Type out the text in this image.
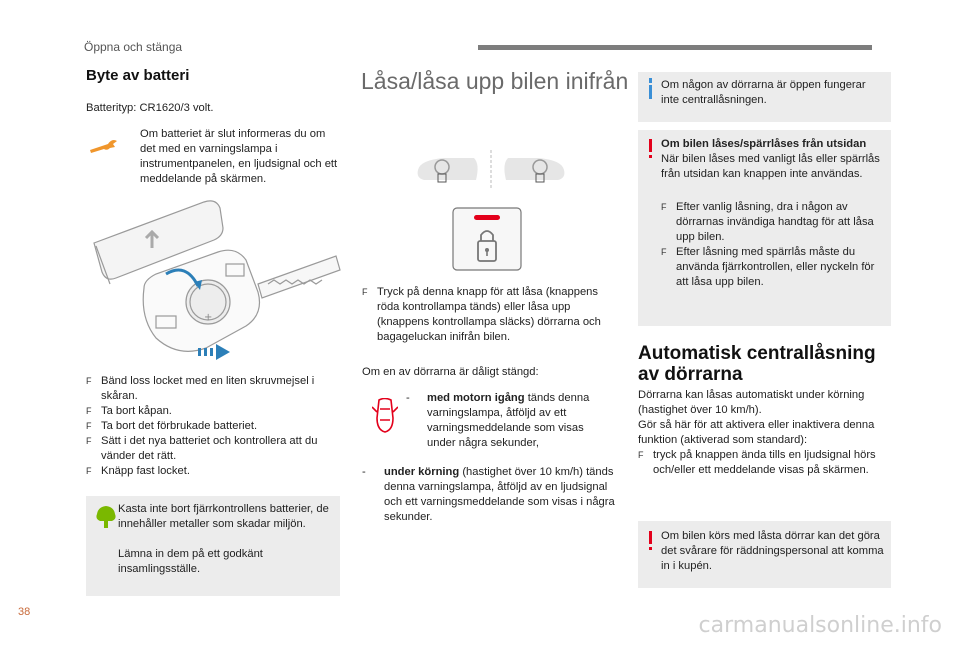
Öppna och stänga
Byte av batteri

Batterityp: CR1620/3 volt.

Om batteriet är slut informeras du om det med en varningslampa i instrumentpanelen, en ljudsignal och ett meddelande på skärmen.

+
F Bänd loss locket med en liten skruvmejsel i skåran.
F Ta bort kåpan.
F Ta bort det förbrukade batteriet.
F Sätt i det nya batteriet och kontrollera att du vänder det rätt.
F Knäpp fast locket.

Kasta inte bort fjärrkontrollens batterier, de innehåller metaller som skadar miljön.

Lämna in dem på ett godkänt insamlingsställe.

Låsa/låsa upp bilen inifrån
F Tryck på denna knapp för att låsa (knappens röda kontrollampa tänds) eller låsa upp (knappens kontrollampa släcks) dörrarna och bagageluckan inifrån bilen.

Om en av dörrarna är dåligt stängd:

-	med motorn igång tänds denna varningslampa, åtföljd av ett varningsmeddelande som visas under några sekunder,

-	under körning (hastighet över 10 km/h) tänds denna varningslampa, åtföljd av en ljudsignal och ett varningsmeddelande som visas i några sekunder.

Om någon av dörrarna är öppen fungerar inte centrallåsningen.

Om bilen låses/spärrlåses från utsidan

När bilen låses med vanligt lås eller spärrlås från utsidan kan knappen inte användas.

F Efter vanlig låsning, dra i någon av dörrarnas invändiga handtag för att låsa upp bilen.
F Efter låsning med spärrlås måste du använda fjärrkontrollen, eller nyckeln för att låsa upp bilen.
Automatisk centrallåsning
av dörrarna

Dörrarna kan låsas automatiskt under körning (hastighet över 10 km/h).

Gör så här för att aktivera eller inaktivera denna funktion (aktiverad som standard):

F tryck på knappen ända tills en ljudsignal hörs och/eller ett meddelande visas på skärmen.

Om bilen körs med låsta dörrar kan det göra det svårare för räddningspersonal att komma in i kupén.

38
carmanualsonline.info
